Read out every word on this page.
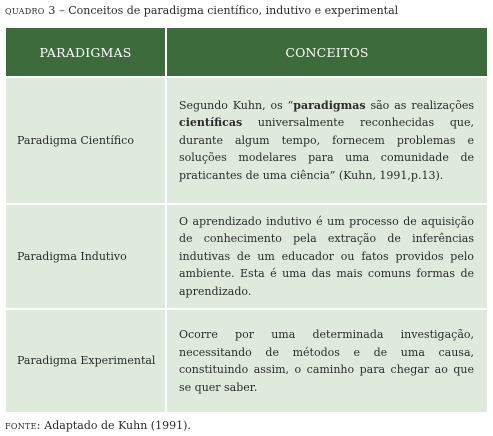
quadro 3 – Conceitos de paradigma científico, indutivo e experimental
PARADIGMAS	CONCEITOS
Paradigma Científico	Segundo Kuhn, os “paradigmas são as realizações científicas universalmente reconhecidas que, durante algum tempo, fornecem problemas e soluções modelares para uma comunidade de praticantes de uma ciência” (Kuhn, 1991,p.13).
Paradigma Indutivo	O aprendizado indutivo é um processo de aquisição de conhecimento pela extração de inferências indutivas de um educador ou fatos providos pelo ambiente. Esta é uma das mais comuns formas de aprendizado.
Paradigma Experimental	Ocorre por uma determinada investigação, necessitando de métodos e de uma causa, constituindo assim, o caminho para chegar ao que se quer saber.
fonte: Adaptado de Kuhn (1991).
